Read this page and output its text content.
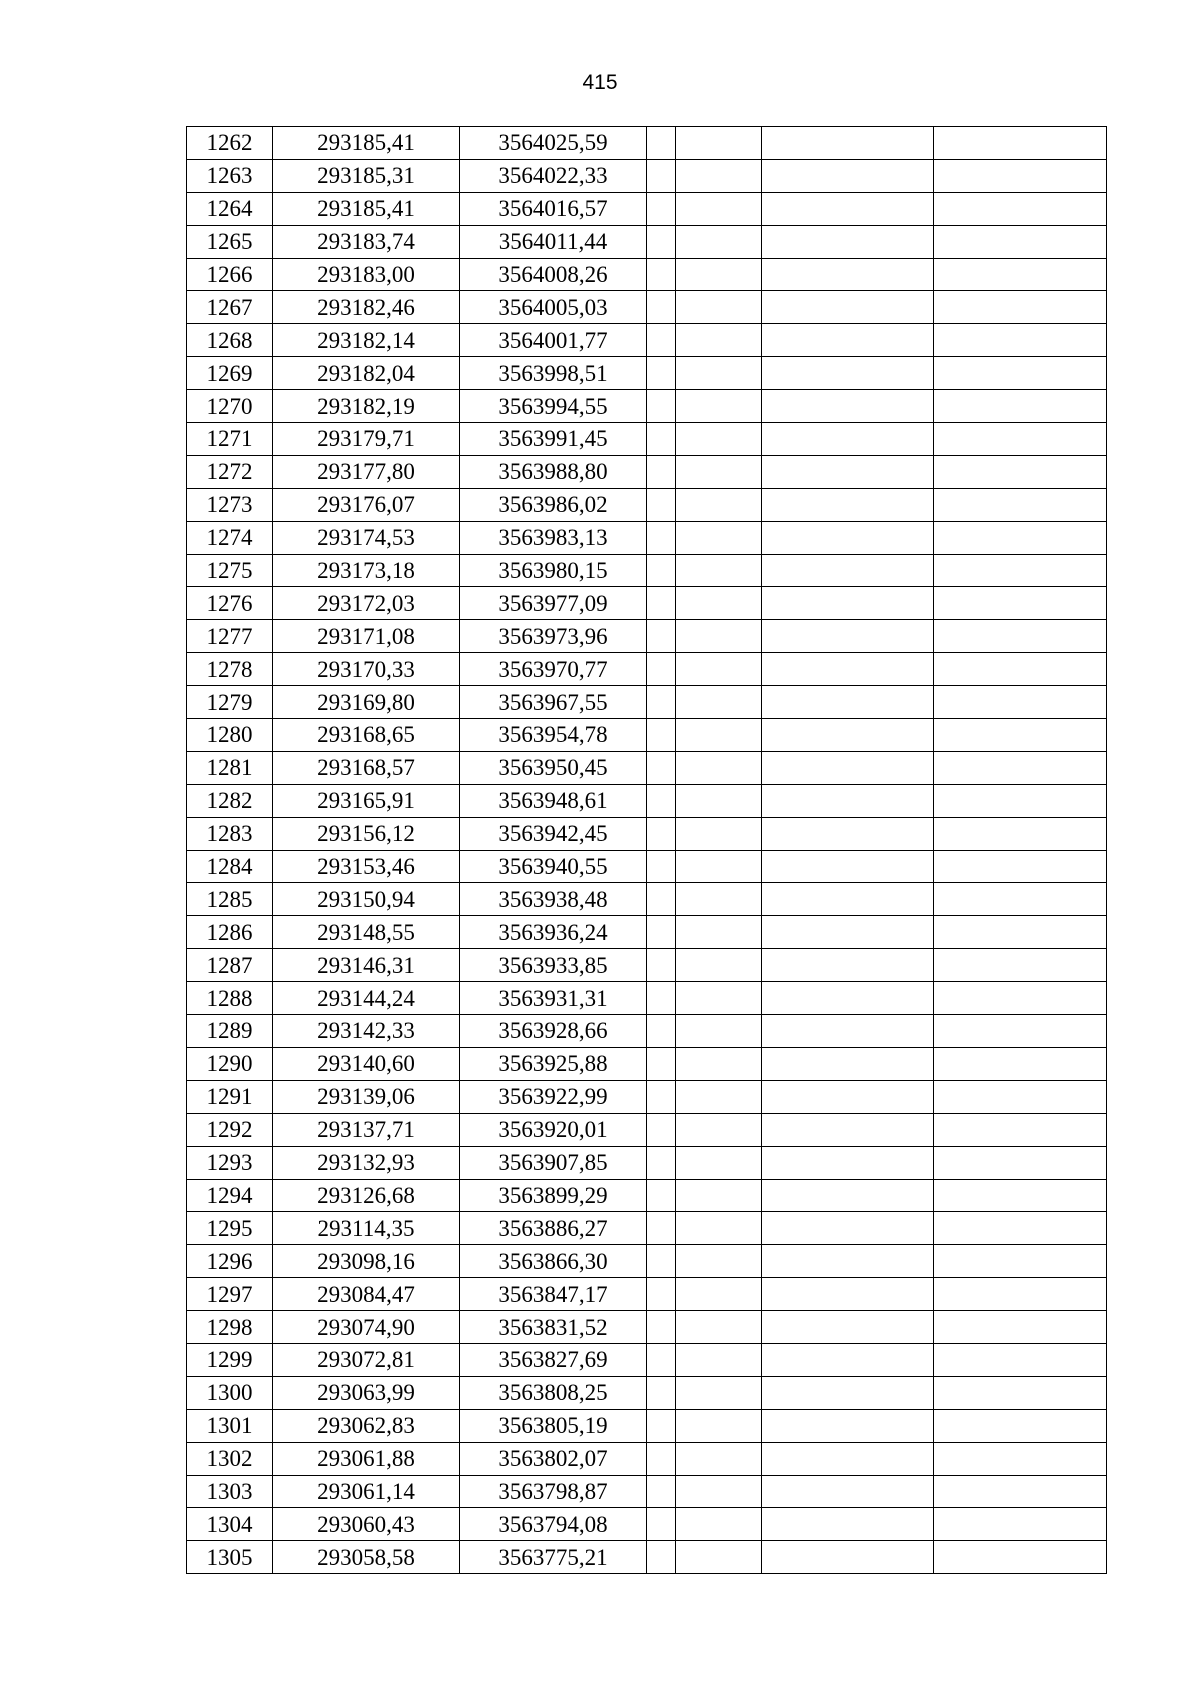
415
1262	293185,41	3564025,59				
1263	293185,31	3564022,33				
1264	293185,41	3564016,57				
1265	293183,74	3564011,44				
1266	293183,00	3564008,26				
1267	293182,46	3564005,03				
1268	293182,14	3564001,77				
1269	293182,04	3563998,51				
1270	293182,19	3563994,55				
1271	293179,71	3563991,45				
1272	293177,80	3563988,80				
1273	293176,07	3563986,02				
1274	293174,53	3563983,13				
1275	293173,18	3563980,15				
1276	293172,03	3563977,09				
1277	293171,08	3563973,96				
1278	293170,33	3563970,77				
1279	293169,80	3563967,55				
1280	293168,65	3563954,78				
1281	293168,57	3563950,45				
1282	293165,91	3563948,61				
1283	293156,12	3563942,45				
1284	293153,46	3563940,55				
1285	293150,94	3563938,48				
1286	293148,55	3563936,24				
1287	293146,31	3563933,85				
1288	293144,24	3563931,31				
1289	293142,33	3563928,66				
1290	293140,60	3563925,88				
1291	293139,06	3563922,99				
1292	293137,71	3563920,01				
1293	293132,93	3563907,85				
1294	293126,68	3563899,29				
1295	293114,35	3563886,27				
1296	293098,16	3563866,30				
1297	293084,47	3563847,17				
1298	293074,90	3563831,52				
1299	293072,81	3563827,69				
1300	293063,99	3563808,25				
1301	293062,83	3563805,19				
1302	293061,88	3563802,07				
1303	293061,14	3563798,87				
1304	293060,43	3563794,08				
1305	293058,58	3563775,21				
